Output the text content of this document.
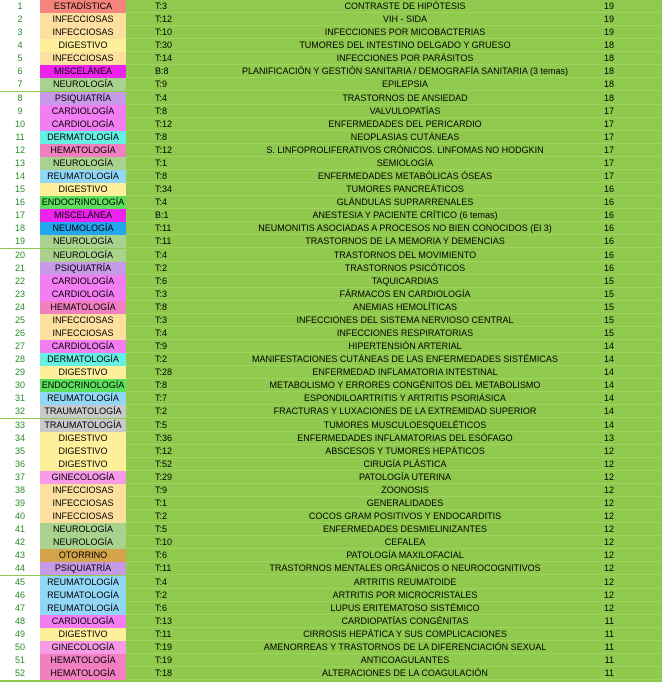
1	ESTADÍSTICA	T:3	CONTRASTE DE HIPÓTESIS	19
2	INFECCIOSAS	T:12	VIH - SIDA	19
3	INFECCIOSAS	T:10	INFECCIONES POR MICOBACTERIAS	19
4	DIGESTIVO	T:30	TUMORES DEL INTESTINO DELGADO Y GRUESO	18
5	INFECCIOSAS	T:14	INFECCIONES POR PARÁSITOS	18
6	MISCELÁNEA	B:8	PLANIFICACIÓN Y GESTIÓN SANITARIA / DEMOGRAFÍA SANITARIA (3 temas)	18
7	NEUROLOGÍA	T:9	EPILEPSIA	18
8	PSIQUIATRÍA	T:4	TRASTORNOS DE ANSIEDAD	18
9	CARDIOLOGÍA	T:8	VALVULOPATÍAS	17
10	CARDIOLOGÍA	T:12	ENFERMEDADES DEL PERICARDIO	17
11	DERMATOLOGÍA	T:8	NEOPLASIAS CUTÁNEAS	17
12	HEMATOLOGÍA	T:12	S. LINFOPROLIFERATIVOS CRÓNICOS. LINFOMAS NO HODGKIN	17
13	NEUROLOGÍA	T:1	SEMIOLOGÍA	17
14	REUMATOLOGÍA	T:8	ENFERMEDADES METABÓLICAS ÓSEAS	17
15	DIGESTIVO	T:34	TUMORES PANCREÁTICOS	16
16	ENDOCRINOLOGÍA	T:4	GLÁNDULAS SUPRARRENALES	16
17	MISCELÁNEA	B:1	ANESTESIA Y PACIENTE CRÍTICO (6 temas)	16
18	NEUMOLOGÍA	T:11	NEUMONITIS ASOCIADAS A PROCESOS NO BIEN CONOCIDOS (El 3)	16
19	NEUROLOGÍA	T:11	TRASTORNOS DE LA MEMORIA Y DEMENCIAS	16
20	NEUROLOGÍA	T:4	TRASTORNOS DEL MOVIMIENTO	16
21	PSIQUIATRÍA	T:2	TRASTORNOS PSICÓTICOS	16
22	CARDIOLOGÍA	T:6	TAQUICARDIAS	15
23	CARDIOLOGÍA	T:3	FÁRMACOS EN CARDIOLOGÍA	15
24	HEMATOLOGÍA	T:8	ANEMIAS HEMOLÍTICAS	15
25	INFECCIOSAS	T:3	INFECCIONES DEL SISTEMA NERVIOSO CENTRAL	15
26	INFECCIOSAS	T:4	INFECCIONES RESPIRATORIAS	15
27	CARDIOLOGÍA	T:9	HIPERTENSIÓN ARTERIAL	14
28	DERMATOLOGÍA	T:2	MANIFESTACIONES CUTÁNEAS DE LAS ENFERMEDADES SISTÉMICAS	14
29	DIGESTIVO	T:28	ENFERMEDAD INFLAMATORIA INTESTINAL	14
30	ENDOCRINOLOGÍA	T:8	METABOLISMO Y ERRORES CONGÉNITOS DEL METABOLISMO	14
31	REUMATOLOGÍA	T:7	ESPONDILOARTRITIS Y ARTRITIS PSORIÁSICA	14
32	TRAUMATOLOGÍA	T:2	FRACTURAS Y LUXACIONES DE LA EXTREMIDAD SUPERIOR	14
33	TRAUMATOLOGÍA	T:5	TUMORES MUSCULOESQUELÉTICOS	14
34	DIGESTIVO	T:36	ENFERMEDADES INFLAMATORIAS DEL ESÓFAGO	13
35	DIGESTIVO	T:12	ABSCESOS Y TUMORES HEPÁTICOS	12
36	DIGESTIVO	T:52	CIRUGÍA PLÁSTICA	12
37	GINECOLOGÍA	T:29	PATOLOGÍA UTERINA	12
38	INFECCIOSAS	T:9	ZOONOSIS	12
39	INFECCIOSAS	T:1	GENERALIDADES	12
40	INFECCIOSAS	T:2	COCOS GRAM POSITIVOS Y ENDOCARDITIS	12
41	NEUROLOGÍA	T:5	ENFERMEDADES DESMIELINIZANTES	12
42	NEUROLOGÍA	T:10	CEFALEA	12
43	OTORRINO	T:6	PATOLOGÍA MAXILOFACIAL	12
44	PSIQUIATRÍA	T:11	TRASTORNOS MENTALES ORGÁNICOS O NEUROCOGNITIVOS	12
45	REUMATOLOGÍA	T:4	ARTRITIS REUMATOIDE	12
46	REUMATOLOGÍA	T:2	ARTRITIS POR MICROCRISTALES	12
47	REUMATOLOGÍA	T:6	LUPUS ERITEMATOSO SISTÉMICO	12
48	CARDIOLOGÍA	T:13	CARDIOPATÍAS CONGÉNITAS	11
49	DIGESTIVO	T:11	CIRROSIS HEPÁTICA Y SUS COMPLICACIONES	11
50	GINECOLOGÍA	T:19	AMENORREAS Y TRASTORNOS DE LA DIFERENCIACIÓN SEXUAL	11
51	HEMATOLOGÍA	T:19	ANTICOAGULANTES	11
52	HEMATOLOGÍA	T:18	ALTERACIONES DE LA COAGULACIÓN	11
